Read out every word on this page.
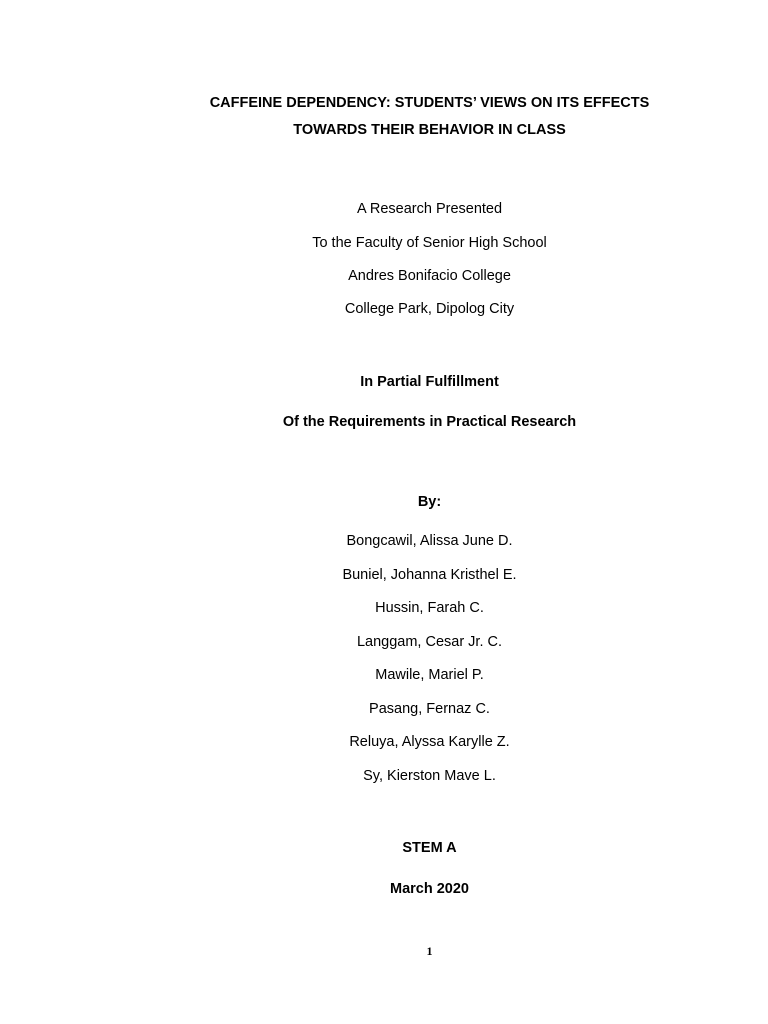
CAFFEINE DEPENDENCY: STUDENTS’ VIEWS ON ITS EFFECTS
TOWARDS THEIR BEHAVIOR IN CLASS
A Research Presented
To the Faculty of Senior High School
Andres Bonifacio College
College Park, Dipolog City
In Partial Fulfillment
Of the Requirements in Practical Research
By:
Bongcawil, Alissa June D.
Buniel, Johanna Kristhel E.
Hussin, Farah C.
Langgam, Cesar Jr. C.
Mawile, Mariel P.
Pasang, Fernaz C.
Reluya, Alyssa Karylle Z.
Sy, Kierston Mave L.
STEM A
March 2020
1
